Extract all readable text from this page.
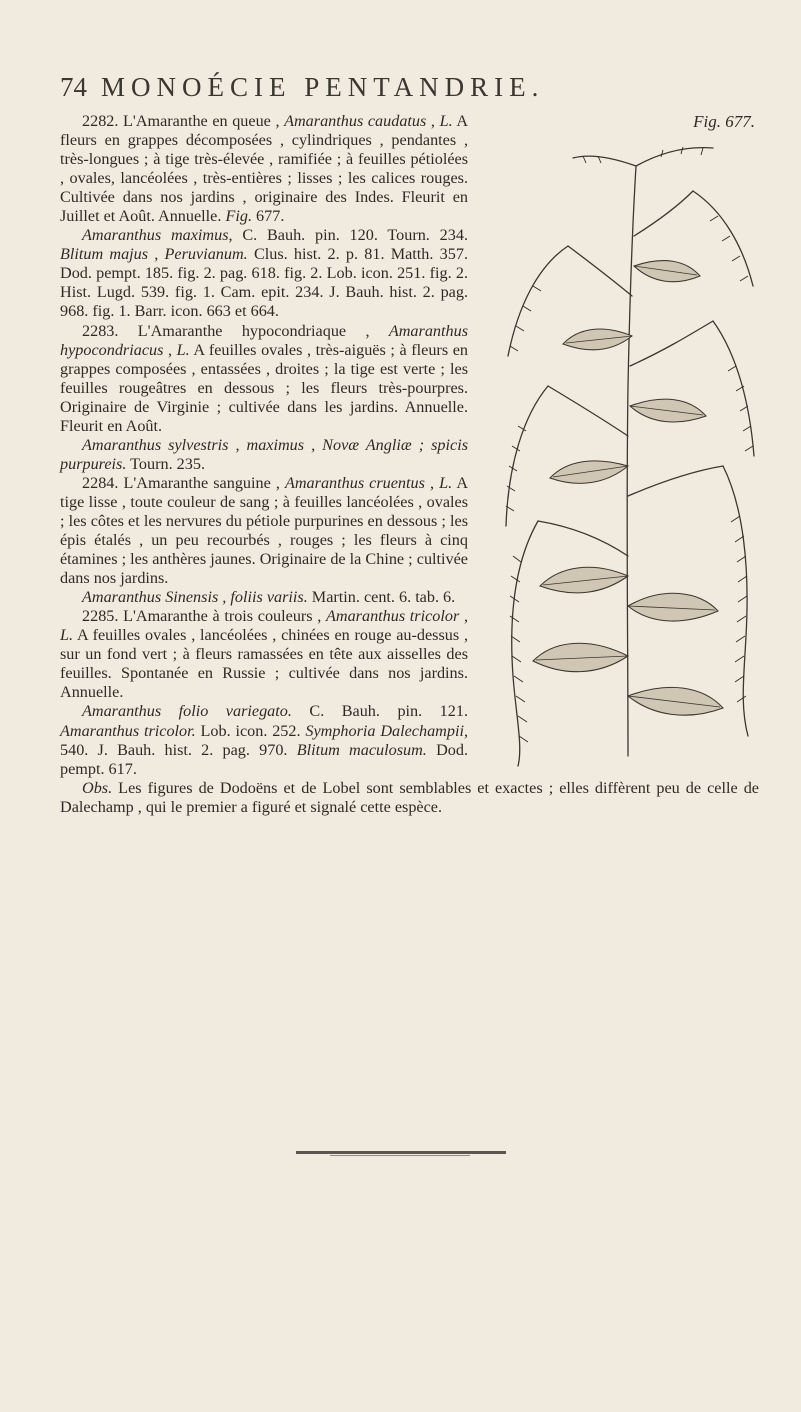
74 MONOÉCIE PENTANDRIE.
Fig. 677.

2282. L'Amaranthe en queue , Amaranthus caudatus , L. A fleurs en grappes décomposées , cylindriques , pendantes , très-longues ; à tige très-élevée , ramifiée ; à feuilles pétiolées , ovales, lancéolées , très-entières ; lisses ; les calices rouges. Cultivée dans nos jardins , originaire des Indes. Fleurit en Juillet et Août. Annuelle. Fig. 677.

Amaranthus maximus, C. Bauh. pin. 120. Tourn. 234. Blitum majus , Peruvianum. Clus. hist. 2. p. 81. Matth. 357. Dod. pempt. 185. fig. 2. pag. 618. fig. 2. Lob. icon. 251. fig. 2. Hist. Lugd. 539. fig. 1. Cam. epit. 234. J. Bauh. hist. 2. pag. 968. fig. 1. Barr. icon. 663 et 664.

2283. L'Amaranthe hypocondriaque , Amaranthus hypocondriacus , L. A feuilles ovales , très-aiguës ; à fleurs en grappes composées , entassées , droites ; la tige est verte ; les feuilles rougeâtres en dessous ; les fleurs très-pourpres. Originaire de Virginie ; cultivée dans les jardins. Annuelle. Fleurit en Août.

Amaranthus sylvestris , maximus , Novæ Angliæ ; spicis purpureis. Tourn. 235.

2284. L'Amaranthe sanguine , Amaranthus cruentus , L. A tige lisse , toute couleur de sang ; à feuilles lancéolées , ovales ; les côtes et les nervures du pétiole purpurines en dessous ; les épis étalés , un peu recourbés , rouges ; les fleurs à cinq étamines ; les anthères jaunes. Originaire de la Chine ; cultivée dans nos jardins.

Amaranthus Sinensis , foliis variis. Martin. cent. 6. tab. 6.

2285. L'Amaranthe à trois couleurs , Amaranthus tricolor , L. A feuilles ovales , lancéolées , chinées en rouge au-dessus , sur un fond vert ; à fleurs ramassées en tête aux aisselles des feuilles. Spontanée en Russie ; cultivée dans nos jardins. Annuelle.

Amaranthus folio variegato. C. Bauh. pin. 121. Amaranthus tricolor. Lob. icon. 252. Symphoria Dalechampii, 540. J. Bauh. hist. 2. pag. 970. Blitum maculosum. Dod. pempt. 617.

Obs. Les figures de Dodoëns et de Lobel sont semblables et exactes ; elles diffèrent peu de celle de Dalechamp , qui le premier a figuré et signalé cette espèce.
